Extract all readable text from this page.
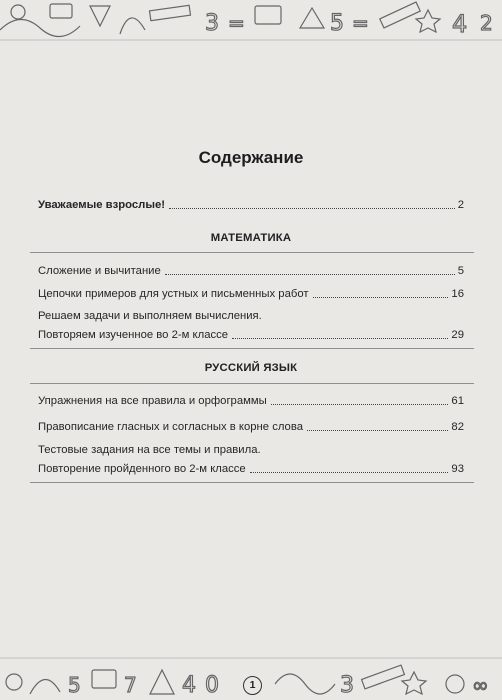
3 =	5 =	4 2
Содержание
Уважаемые взрослые!	2
МАТЕМАТИКА
Сложение и вычитание	5
Цепочки примеров для устных и письменных работ	16
Решаем задачи и выполняем вычисления.
Повторяем изученное во 2-м классе	29
РУССКИЙ ЯЗЫК
Упражнения на все правила и орфограммы	61
Правописание гласных и согласных в корне слова	82
Тестовые задания на все темы и правила.
Повторение пройденного во 2-м классе	93
5 7 4 0	3	∞
1
